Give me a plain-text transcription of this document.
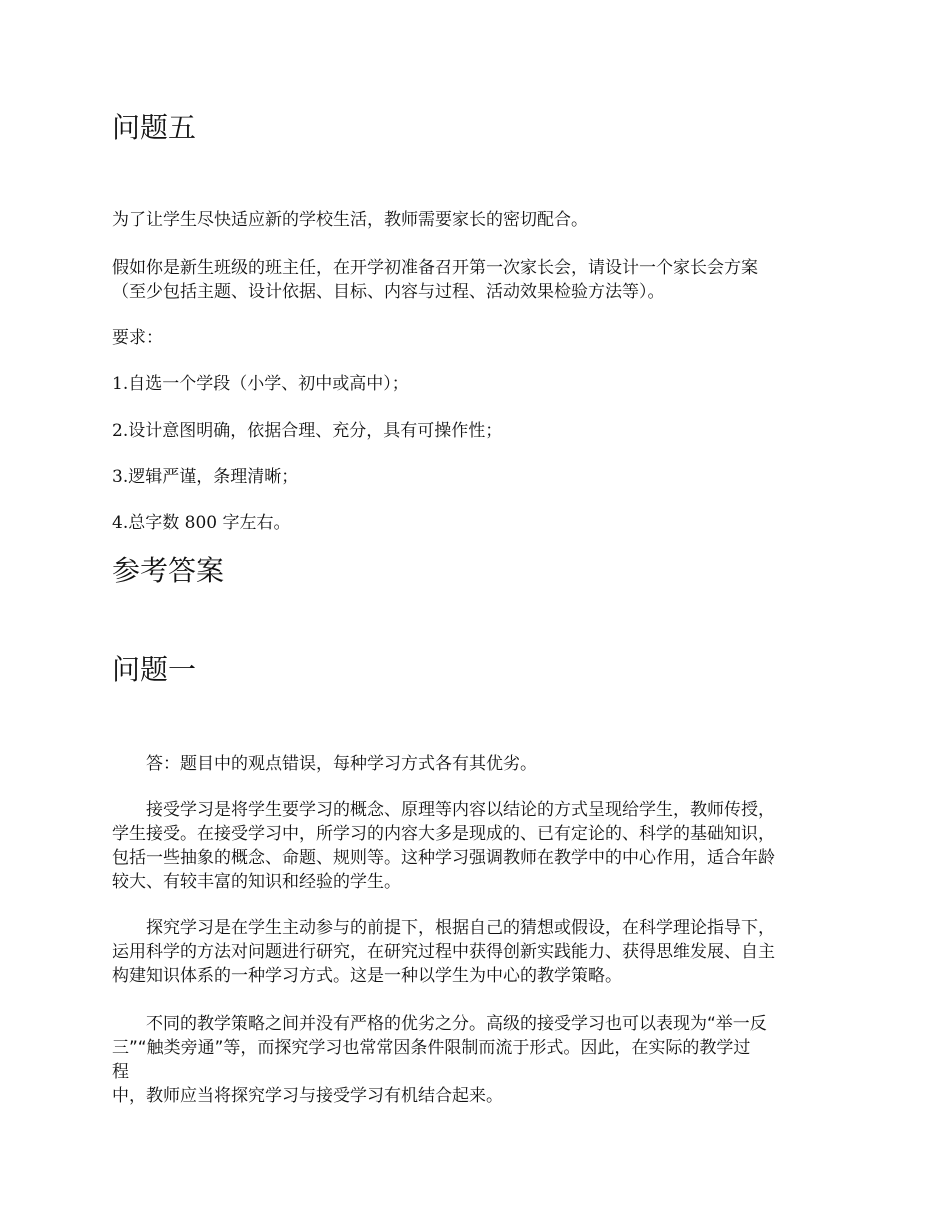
问题五

为了让学生尽快适应新的学校生活，教师需要家长的密切配合。

假如你是新生班级的班主任，在开学初准备召开第一次家长会，请设计一个家长会方案
（至少包括主题、设计依据、目标、内容与过程、活动效果检验方法等）。

要求：

1.自选一个学段（小学、初中或高中）；

2.设计意图明确，依据合理、充分，具有可操作性；

3.逻辑严谨，条理清晰；

4.总字数 800 字左右。

参考答案
问题一

答：题目中的观点错误，每种学习方式各有其优劣。

接受学习是将学生要学习的概念、原理等内容以结论的方式呈现给学生，教师传授，
学生接受。在接受学习中，所学习的内容大多是现成的、已有定论的、科学的基础知识，
包括一些抽象的概念、命题、规则等。这种学习强调教师在教学中的中心作用，适合年龄
较大、有较丰富的知识和经验的学生。
探究学习是在学生主动参与的前提下，根据自己的猜想或假设，在科学理论指导下，
运用科学的方法对问题进行研究，在研究过程中获得创新实践能力、获得思维发展、自主
构建知识体系的一种学习方式。这是一种以学生为中心的教学策略。
不同的教学策略之间并没有严格的优劣之分。高级的接受学习也可以表现为“举一反
三”“触类旁通”等，而探究学习也常常因条件限制而流于形式。因此，在实际的教学过
程
中，教师应当将探究学习与接受学习有机结合起来。
